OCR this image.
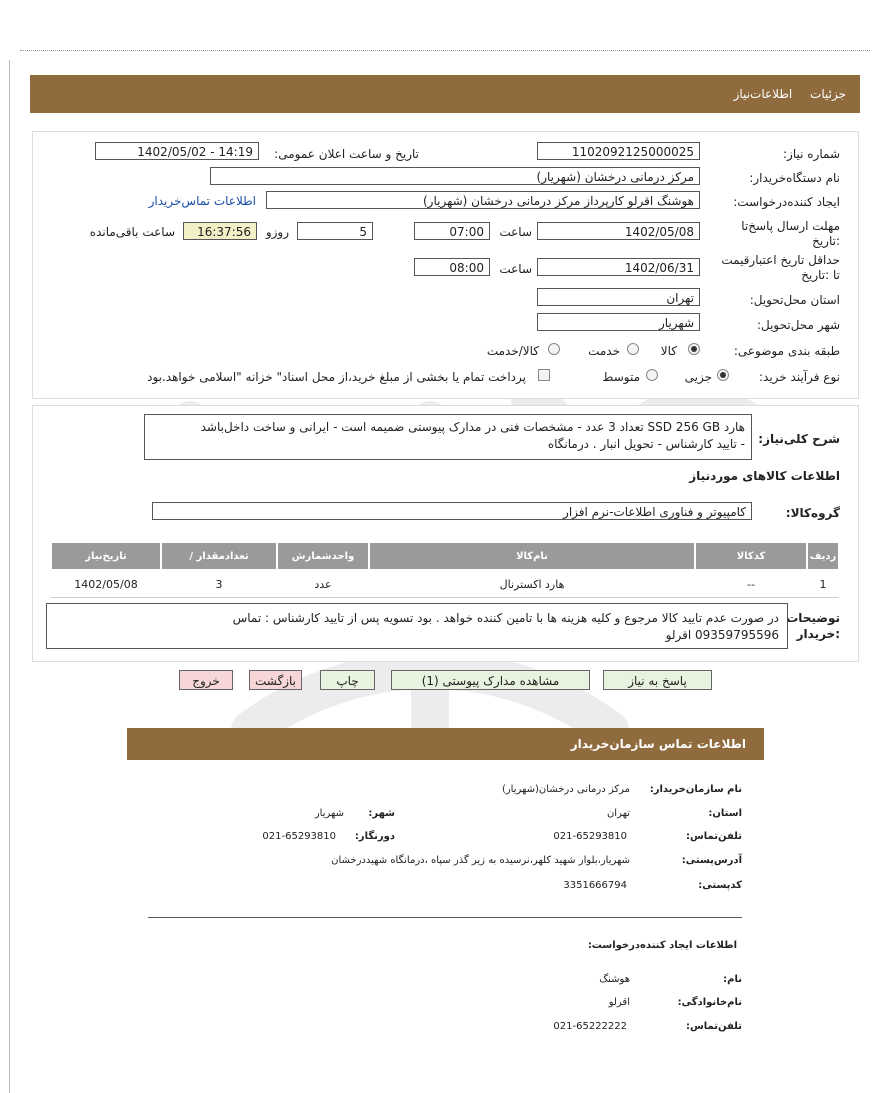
جزئیات اطلاعات‌نیاز
شماره نیاز:
1102092125000025
تاریخ و ساعت اعلان عمومی:
1402/05/02 - 14:19
نام دستگاه‌خریدار:
مرکز درمانی درخشان (شهریار)
ایجاد کننده‌درخواست:
هوشنگ اقرلو کارپرداز مرکز درمانی درخشان (شهریار)
اطلاعات تماس‌خریدار
مهلت ارسال پاسخ‌تا
:تاریخ
1402/05/08
ساعت
07:00
5
روزو
16:37:56
ساعت باقی‌مانده
حداقل تاریخ اعتبار‌قیمت
تا :تاریخ
1402/06/31
ساعت
08:00
استان محل‌تحویل:
تهران
شهر محل‌تحویل:
شهریار
طبقه بندی موضوعی:
کالا
خدمت
کالا/خدمت
نوع فرآیند خرید:
جزیی
متوسط
پرداخت تمام یا بخشی از مبلغ خرید،از محل اسناد" خزانه "اسلامی خواهد.بود
شرح کلی‌نیاز:
هارد SSD 256 GB تعداد 3 عدد - مشخصات فنی در مدارک پیوستی ضمیمه است - ایرانی و ساخت داخل‌باشد
- تایید کارشناس - تحویل انبار . درمانگاه
اطلاعات کالاهای موردنیاز
گروه‌کالا:
کامپیوتر و فناوری اطلاعات-نرم افزار
ردیف	کدکالا	نام‌کالا	واحدشمارش	تعدادمقدار /	تاریخ‌نیاز
1	--	هارد اکسترنال	عدد	3	1402/05/08
توضیحات
:خریدار
در صورت عدم تایید کالا مرجوع و کلیه هزینه ها با تامین کننده خواهد . بود تسویه پس از تایید کارشناس : تماس
09359795596 اقرلو
پاسخ به نیاز
مشاهده مدارک پیوستی (1)
چاپ
بازگشت
خروج
اطلاعات تماس سازمان‌خریدار
نام سازمان‌خریدار:
مرکز درمانی درخشان(شهریار)
استان:
تهران
شهر:
شهریار
تلفن‌تماس:
021-65293810
دورنگار:
021-65293810
آدرس‌پستی:
شهریار،بلوار شهید کلهر،نرسیده به زیر گذر سپاه ،درمانگاه شهیددرخشان
کدپستی:
3351666794
اطلاعات ایجاد کننده‌درخواست:
نام:
هوشنگ
نام‌خانوادگی:
اقرلو
تلفن‌تماس:
021-65222222
